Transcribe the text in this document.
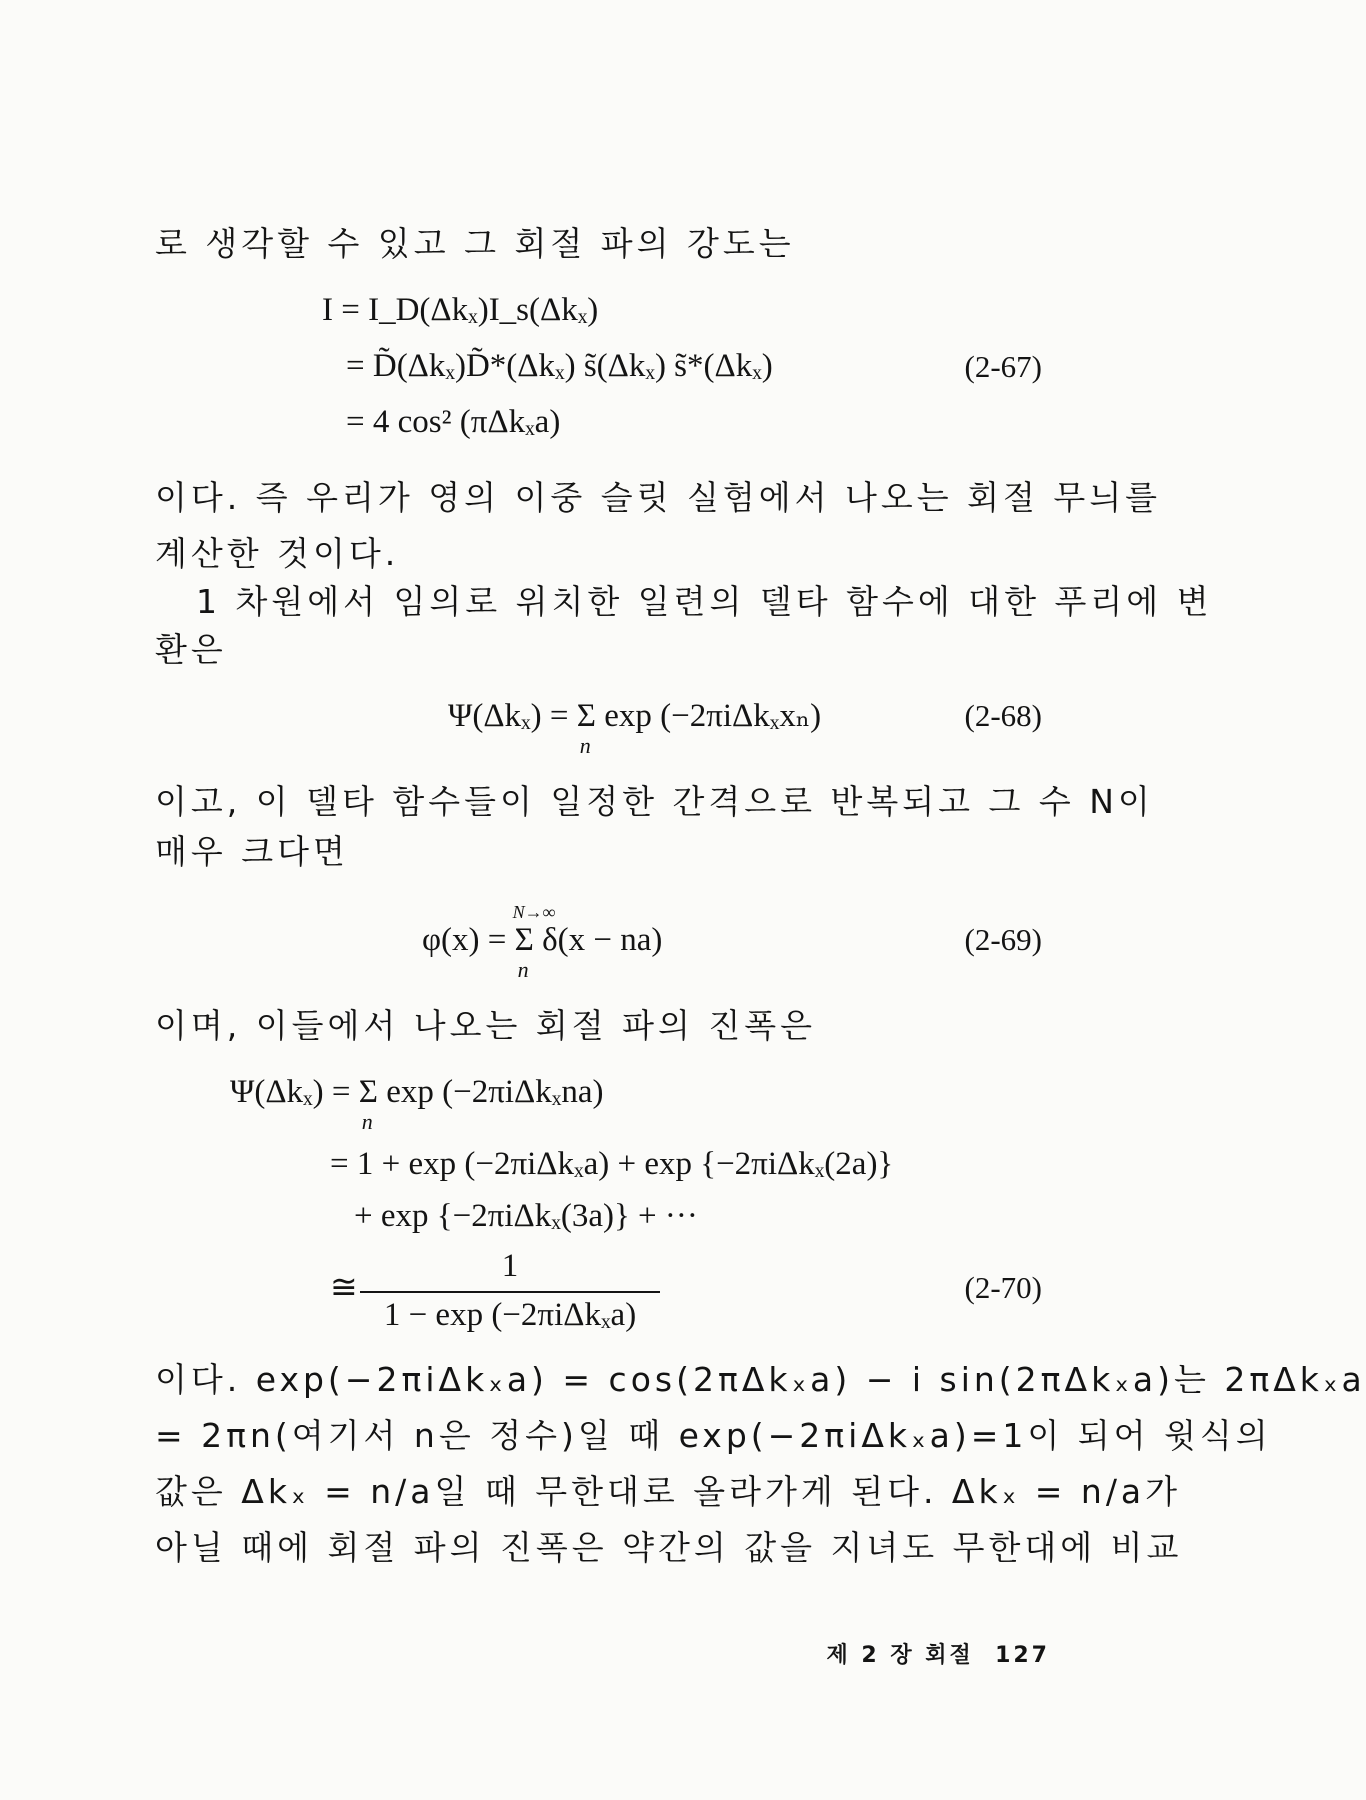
로 생각할 수 있고 그 회절 파의 강도는
I = I_D(Δkₓ)I_s(Δkₓ)
= D̃(Δkₓ)D̃*(Δkₓ) s̃(Δkₓ) s̃*(Δkₓ)	(2-67)
= 4 cos² (πΔkₓa)
이다. 즉 우리가 영의 이중 슬릿 실험에서 나오는 회절 무늬를
계산한 것이다.
1 차원에서 임의로 위치한 일련의 델타 함수에 대한 푸리에 변
환은
Ψ(Δkₓ) = Σ
n
exp (−2πiΔkₓxₙ)	(2-68)
이고, 이 델타 함수들이 일정한 간격으로 반복되고 그 수 N이
매우 크다면
φ(x) =
N→∞
Σ
n
δ(x − na)	(2-69)
이며, 이들에서 나오는 회절 파의 진폭은
Ψ(Δkₓ) = Σ
n
exp (−2πiΔkₓna)
= 1 + exp (−2πiΔkₓa) + exp {−2πiΔkₓ(2a)}
+ exp {−2πiΔkₓ(3a)} + ···
≅
1
1 − exp (−2πiΔkₓa)
(2-70)
이다. exp(−2πiΔkₓa) = cos(2πΔkₓa) − i sin(2πΔkₓa)는 2πΔkₓa
= 2πn(여기서 n은 정수)일 때 exp(−2πiΔkₓa)=1이 되어 윗식의
값은 Δkₓ = n/a일 때 무한대로 올라가게 된다. Δkₓ = n/a가
아닐 때에 회절 파의 진폭은 약간의 값을 지녀도 무한대에 비교
제 2 장 회절 127
